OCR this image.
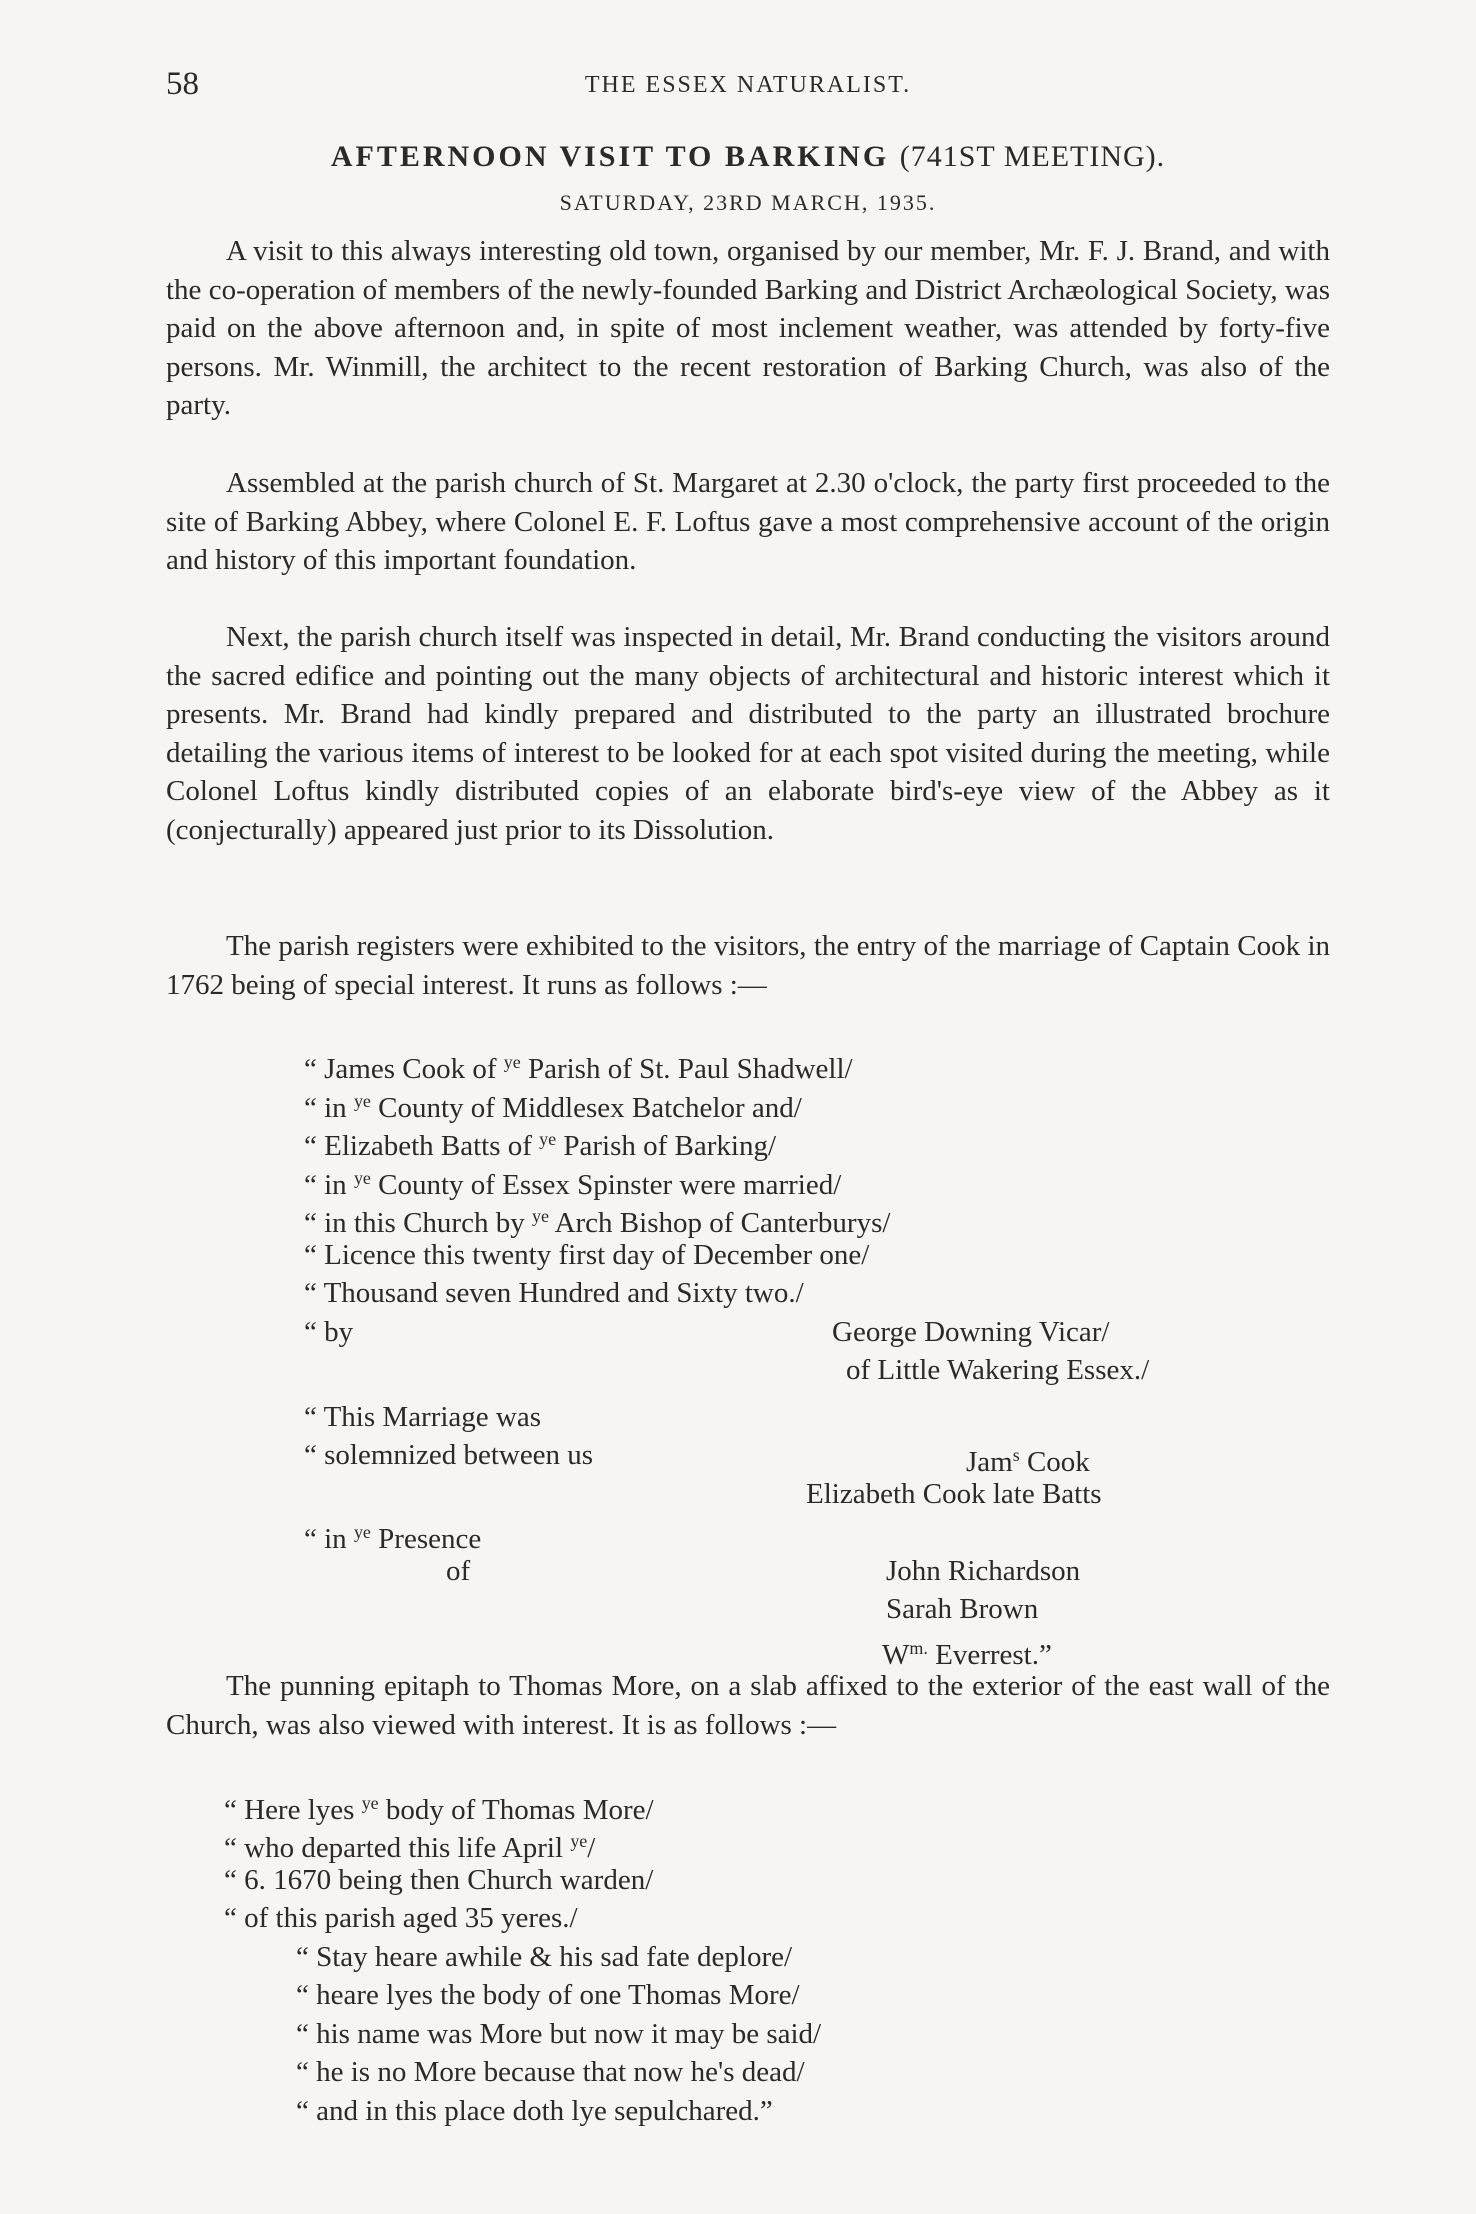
58	THE ESSEX NATURALIST.
AFTERNOON VISIT TO BARKING (741ST MEETING).
SATURDAY, 23RD MARCH, 1935.

A visit to this always interesting old town, organised by our member, Mr. F. J. Brand, and with the co-operation of members of the newly-founded Barking and District Archæological Society, was paid on the above afternoon and, in spite of most inclement weather, was attended by forty-five persons. Mr. Winmill, the architect to the recent restoration of Barking Church, was also of the party.

Assembled at the parish church of St. Margaret at 2.30 o'clock, the party first proceeded to the site of Barking Abbey, where Colonel E. F. Loftus gave a most comprehensive account of the origin and history of this important foundation.

Next, the parish church itself was inspected in detail, Mr. Brand conducting the visitors around the sacred edifice and pointing out the many objects of architectural and historic interest which it presents. Mr. Brand had kindly prepared and distributed to the party an illustrated brochure detailing the various items of interest to be looked for at each spot visited during the meeting, while Colonel Loftus kindly distributed copies of an elaborate bird's-eye view of the Abbey as it (conjecturally) appeared just prior to its Dissolution.

The parish registers were exhibited to the visitors, the entry of the marriage of Captain Cook in 1762 being of special interest. It runs as follows :—

“ James Cook of $^{ye}$ Parish of St. Paul Shadwell/
“ in $^{ye}$ County of Middlesex Batchelor and/
“ Elizabeth Batts of $^{ye}$ Parish of Barking/
“ in $^{ye}$ County of Essex Spinster were married/
“ in this Church by $^{ye}$ Arch Bishop of Canterburys/
“ Licence this twenty first day of December one/
“ Thousand seven Hundred and Sixty two./
“ by	George Downing Vicar/
of Little Wakering Essex./
“ This Marriage was
“ solemnized between us	Jam$^s$ Cook
Elizabeth Cook late Batts
“ in $^{ye}$ Presence
of	John Richardson
Sarah Brown
$W^{m.}$ Everrest.”

The punning epitaph to Thomas More, on a slab affixed to the exterior of the east wall of the Church, was also viewed with interest. It is as follows :—

“ Here lyes $^{ye}$ body of Thomas More/
“ who departed this life April $^{ye}$/
“ 6. 1670 being then Church warden/
“ of this parish aged 35 yeres./
“ Stay heare awhile & his sad fate deplore/
“ heare lyes the body of one Thomas More/
“ his name was More but now it may be said/
“ he is no More because that now he's dead/
“ and in this place doth lye sepulchared.”
